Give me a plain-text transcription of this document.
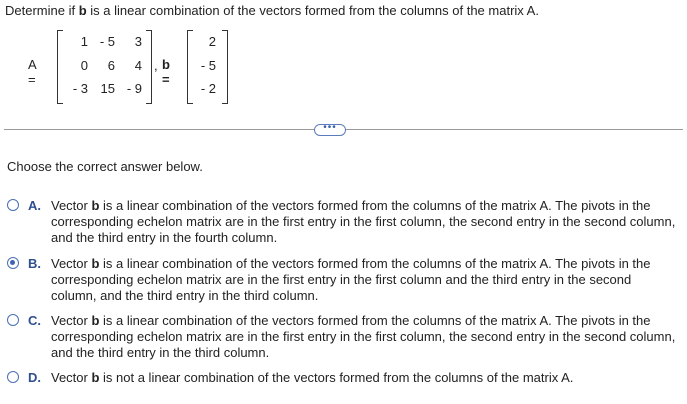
Determine if b is a linear combination of the vectors formed from the columns of the matrix A.
A =
1 - 5	3
0	6	4
- 3 15 - 9
, b =
2
- 5
- 2
•••
Choose the correct answer below.
A. Vector b is a linear combination of the vectors formed from the columns of the matrix A. The pivots in the
corresponding echelon matrix are in the first entry in the first column, the second entry in the second column,
and the third entry in the fourth column.
B. Vector b is a linear combination of the vectors formed from the columns of the matrix A. The pivots in the
corresponding echelon matrix are in the first entry in the first column and the third entry in the second
column, and the third entry in the third column.
C. Vector b is a linear combination of the vectors formed from the columns of the matrix A. The pivots in the
corresponding echelon matrix are in the first entry in the first column, the second entry in the second column,
and the third entry in the third column.
D. Vector b is not a linear combination of the vectors formed from the columns of the matrix A.
